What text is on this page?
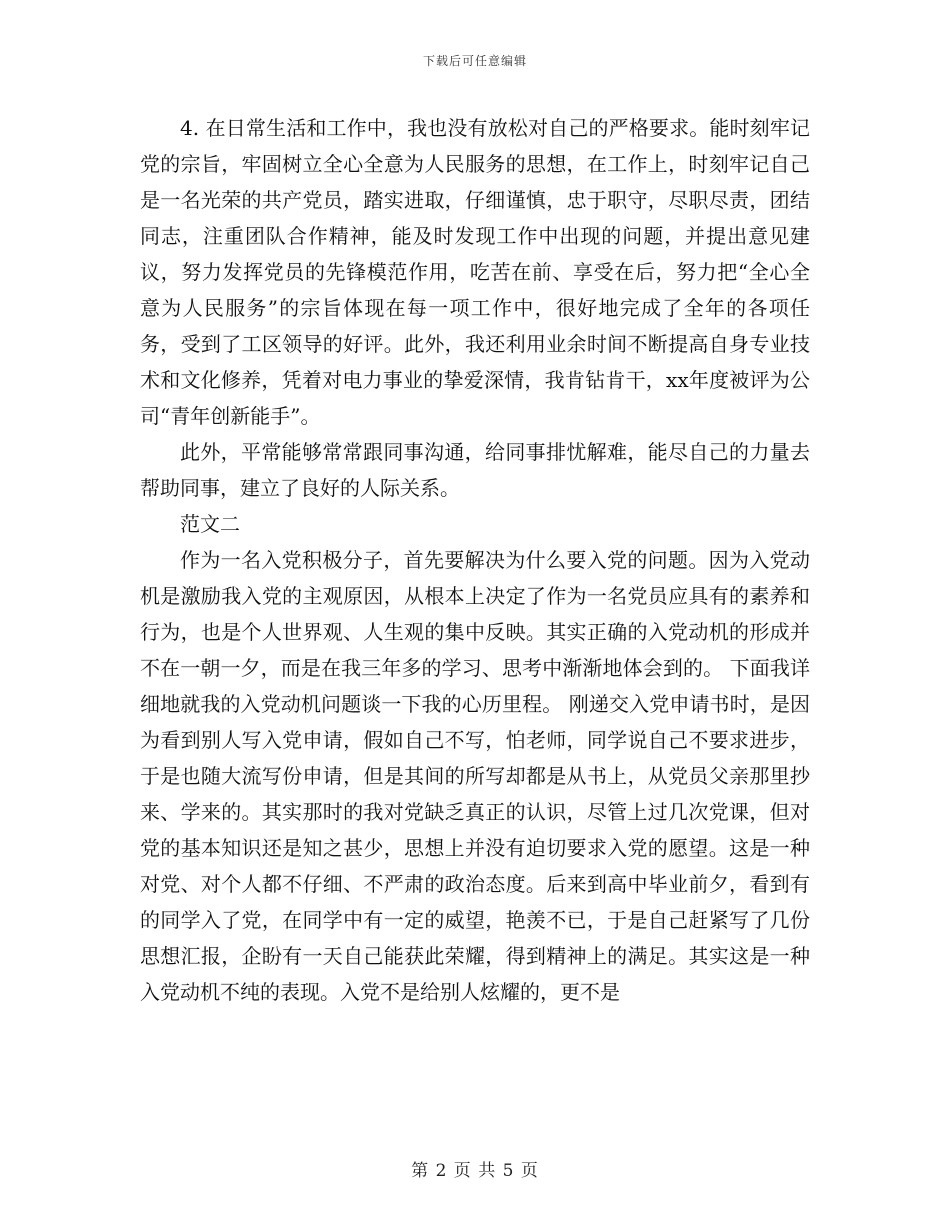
下载后可任意编辑

4. 在日常生活和工作中，我也没有放松对自己的严格要求。能时刻牢记党的宗旨，牢固树立全心全意为人民服务的思想，在工作上，时刻牢记自己是一名光荣的共产党员，踏实进取，仔细谨慎，忠于职守，尽职尽责，团结同志，注重团队合作精神，能及时发现工作中出现的问题，并提出意见建议，努力发挥党员的先锋模范作用，吃苦在前、享受在后，努力把“全心全意为人民服务”的宗旨体现在每一项工作中，很好地完成了全年的各项任务，受到了工区领导的好评。此外，我还利用业余时间不断提高自身专业技术和文化修养，凭着对电力事业的挚爱深情，我肯钻肯干，xx年度被评为公司“青年创新能手”。

此外，平常能够常常跟同事沟通，给同事排忧解难，能尽自己的力量去帮助同事，建立了良好的人际关系。

范文二

作为一名入党积极分子，首先要解决为什么要入党的问题。因为入党动机是激励我入党的主观原因，从根本上决定了作为一名党员应具有的素养和行为，也是个人世界观、人生观的集中反映。其实正确的入党动机的形成并不在一朝一夕，而是在我三年多的学习、思考中渐渐地体会到的。 下面我详细地就我的入党动机问题谈一下我的心历里程。 刚递交入党申请书时，是因为看到别人写入党申请，假如自己不写，怕老师，同学说自己不要求进步，于是也随大流写份申请，但是其间的所写却都是从书上，从党员父亲那里抄来、学来的。其实那时的我对党缺乏真正的认识，尽管上过几次党课，但对党的基本知识还是知之甚少，思想上并没有迫切要求入党的愿望。这是一种对党、对个人都不仔细、不严肃的政治态度。后来到高中毕业前夕，看到有的同学入了党，在同学中有一定的威望，艳羡不已，于是自己赶紧写了几份思想汇报，企盼有一天自己能获此荣耀，得到精神上的满足。其实这是一种入党动机不纯的表现。入党不是给别人炫耀的，更不是

第 2 页 共 5 页
